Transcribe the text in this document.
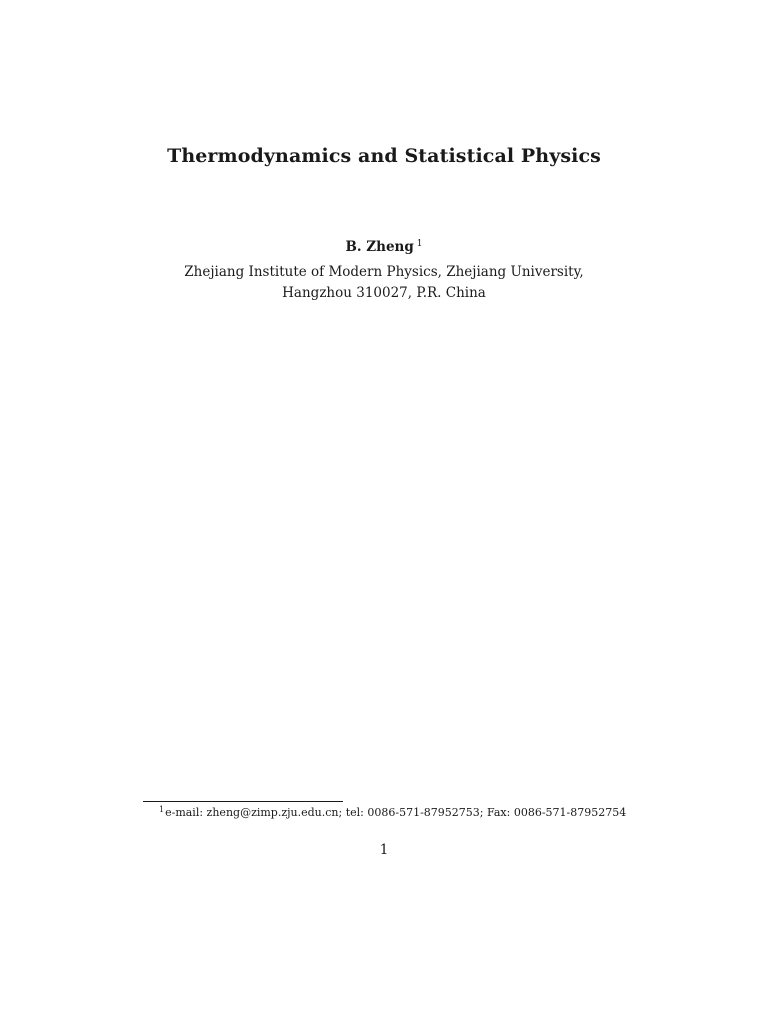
Thermodynamics and Statistical Physics
B. Zheng $^1$
Zhejiang Institute of Modern Physics, Zhejiang University,
Hangzhou 310027, P.R. China
$^1$e-mail: zheng@zimp.zju.edu.cn; tel: 0086-571-87952753; Fax: 0086-571-87952754
1
